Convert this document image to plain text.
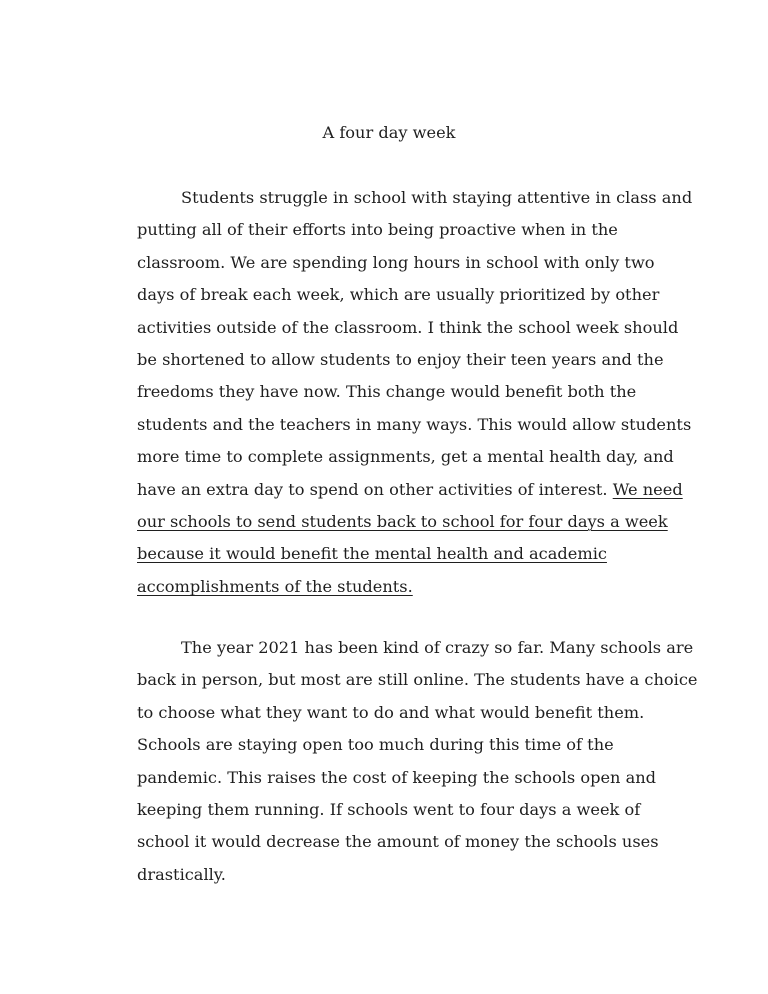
A four day week
Students struggle in school with staying attentive in class and
putting all of their efforts into being proactive when in the
classroom. We are spending long hours in school with only two
days of break each week, which are usually prioritized by other
activities outside of the classroom. I think the school week should
be shortened to allow students to enjoy their teen years and the
freedoms they have now. This change would benefit both the
students and the teachers in many ways. This would allow students
more time to complete assignments, get a mental health day, and
have an extra day to spend on other activities of interest. We need
our schools to send students back to school for four days a week
because it would benefit the mental health and academic
accomplishments of the students.
The year 2021 has been kind of crazy so far. Many schools are
back in person, but most are still online. The students have a choice
to choose what they want to do and what would benefit them.
Schools are staying open too much during this time of the
pandemic. This raises the cost of keeping the schools open and
keeping them running. If schools went to four days a week of
school it would decrease the amount of money the schools uses
drastically.
